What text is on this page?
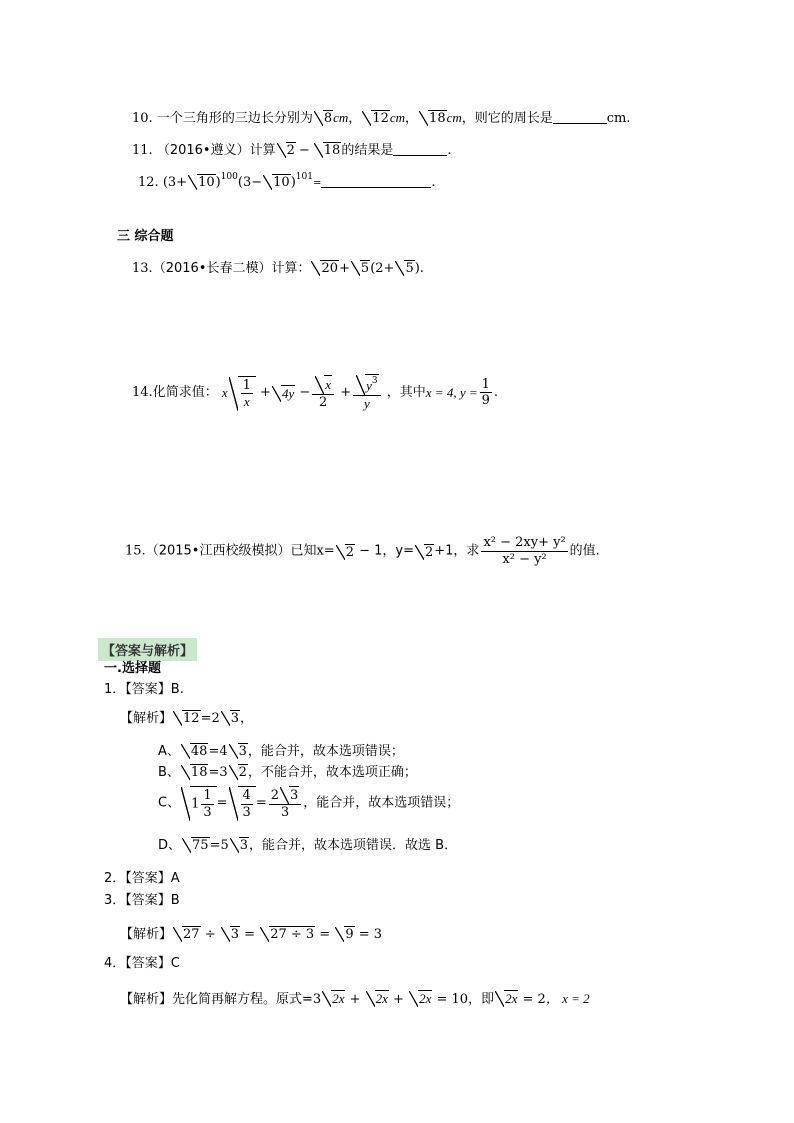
10. 一个三角形的三边长分别为 8cm， 12cm， 18cm，则它的周长是	cm.
11. （2016•遵义）计算 2 − 18的结果是	.
12. $(3+ 10)^{100}(3- 10)^{101}=$	.
三 综合题
13.（2016•长春二模）计算： 20+ 5(2+ 5).
14.化简求值： x $\frac{1}{x} + 4y - \frac{x}{2} + \frac{y^3}{y}$ ，其中x = 4, $y = \frac{1}{9}$ .
15.（2015•江西校级模拟）已知x= 2 − 1，y= 2+1，求 $\frac{\text{x² − 2xy+ y²}}{\text{x² − y²}}$ 的值.
【答案与解析】
一.选择题
1．【答案】B.
【解析】 12=2 3，
A、 48=4 3，能合并，故本选项错误；
B、 18=3 2，不能合并，故本选项正确；
C、 $1 \frac{1}{3} = \frac{4}{3} = \frac{2 3}{3}$ ，能合并，故本选项错误；
D、 75=5 3，能合并，故本选项错误．故选 B．
2．【答案】A
3．【答案】B
【解析】 27 ÷ 3 = 27 ÷ 3 = 9 = 3
4．【答案】C
【解析】先化简再解方程。原式=3 2x + 2x + 2x = 10，即 2x = 2， x = 2
